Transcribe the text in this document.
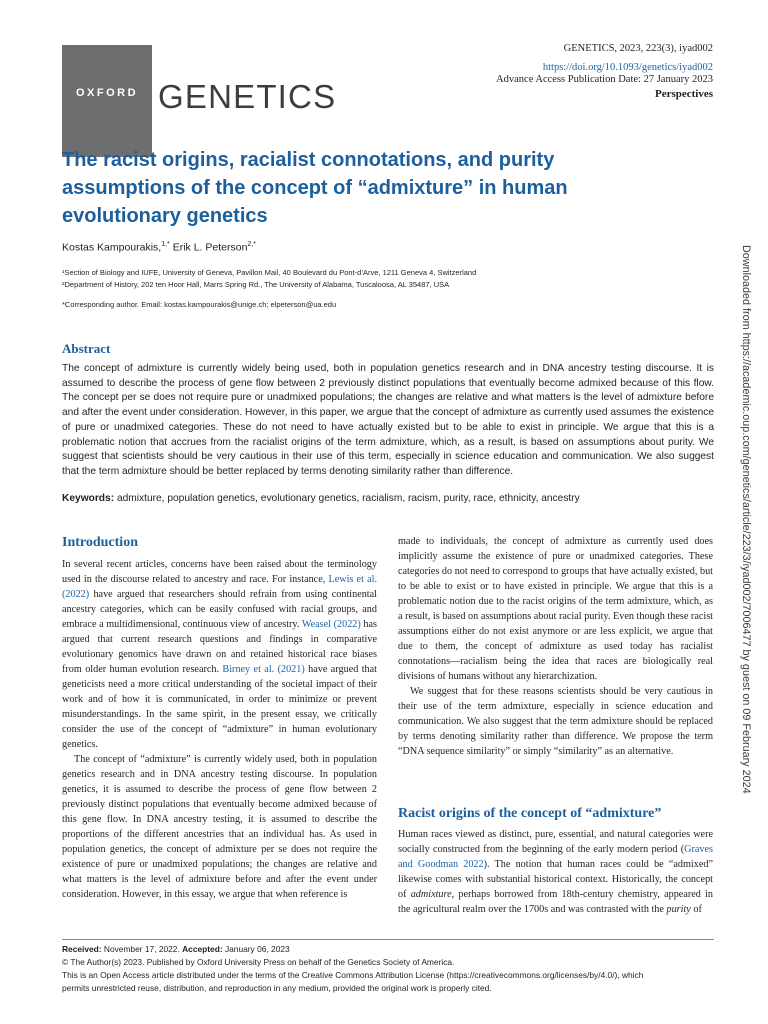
OXFORD GENETICS
GENETICS, 2023, 223(3), iyad002
https://doi.org/10.1093/genetics/iyad002
Advance Access Publication Date: 27 January 2023
Perspectives
The racist origins, racialist connotations, and purity assumptions of the concept of “admixture” in human evolutionary genetics
Kostas Kampourakis,$^{1,*}$ Erik L. Peterson$^{2,*}$
¹Section of Biology and IUFE, University of Geneva, Pavillon Mail, 40 Boulevard du Pont-d’Arve, 1211 Geneva 4, Switzerland
²Department of History, 202 ten Hoor Hall, Marrs Spring Rd., The University of Alabama, Tuscaloosa, AL 35487, USA
*Corresponding author. Email: kostas.kampourakis@unige.ch; elpeterson@ua.edu
Abstract
The concept of admixture is currently widely being used, both in population genetics research and in DNA ancestry testing discourse. It is assumed to describe the process of gene flow between 2 previously distinct populations that eventually become admixed because of this flow. The concept per se does not require pure or unadmixed populations; the changes are relative and what matters is the level of admixture before and after the event under consideration. However, in this paper, we argue that the concept of admixture as currently used assumes the existence of pure or unadmixed categories. These do not need to have actually existed but to be able to exist in principle. We argue that this is a problematic notion that accrues from the racialist origins of the term admixture, which, as a result, is based on assumptions about purity. We suggest that scientists should be very cautious in their use of this term, especially in science education and communication. We also suggest that the term admixture should be better replaced by terms denoting similarity rather than difference.
Keywords: admixture, population genetics, evolutionary genetics, racialism, racism, purity, race, ethnicity, ancestry
Introduction

In several recent articles, concerns have been raised about the terminology used in the discourse related to ancestry and race. For instance, Lewis et al. (2022) have argued that researchers should refrain from using continental ancestry categories, which can be easily confused with racial groups, and embrace a multidimensional, continuous view of ancestry. Weasel (2022) has argued that current research questions and findings in comparative evolutionary genomics have drawn on and retained historical race biases from older human evolution research. Birney et al. (2021) have argued that geneticists need a more critical understanding of the societal impact of their work and of how it is communicated, in order to minimize or prevent misunderstandings. In the same spirit, in the present essay, we critically consider the use of the concept of “admixture” in human evolutionary genetics.

The concept of “admixture” is currently widely used, both in population genetics research and in DNA ancestry testing discourse. In population genetics, it is assumed to describe the process of gene flow between 2 previously distinct populations that eventually become admixed because of this gene flow. In DNA ancestry testing, it is assumed to describe the proportions of the different ancestries that an individual has. As used in population genetics, the concept of admixture per se does not require the existence of pure or unadmixed populations; the changes are relative and what matters is the level of admixture before and after the event under consideration. However, in this essay, we argue that when reference is

made to individuals, the concept of admixture as currently used does implicitly assume the existence of pure or unadmixed categories. These categories do not need to correspond to groups that have actually existed, but to be able to exist or to have existed in principle. We argue that this is a problematic notion due to the racist origins of the term admixture, which, as a result, is based on assumptions about racial purity. Even though these racist assumptions either do not exist anymore or are less explicit, we argue that due to them, the concept of admixture as used today has racialist connotations—racialism being the idea that races are biologically real divisions of humans without any hierarchization.

We suggest that for these reasons scientists should be very cautious in their use of the term admixture, especially in science education and communication. We also suggest that the term admixture should be replaced by terms denoting similarity rather than difference. We propose the term “DNA sequence similarity” or simply “similarity” as an alternative.

Racist origins of the concept of “admixture”

Human races viewed as distinct, pure, essential, and natural categories were socially constructed from the beginning of the early modern period (Graves and Goodman 2022). The notion that human races could be “admixed” likewise comes with substantial historical context. Historically, the concept of admixture, perhaps borrowed from 18th-century chemistry, appeared in the agricultural realm over the 1700s and was contrasted with the purity of

Received: November 17, 2022. Accepted: January 06, 2023
© The Author(s) 2023. Published by Oxford University Press on behalf of the Genetics Society of America.
This is an Open Access article distributed under the terms of the Creative Commons Attribution License (https://creativecommons.org/licenses/by/4.0/), which
permits unrestricted reuse, distribution, and reproduction in any medium, provided the original work is properly cited.
Downloaded from https://academic.oup.com/genetics/article/223/3/iyad002/7006477 by guest on 09 February 2024
